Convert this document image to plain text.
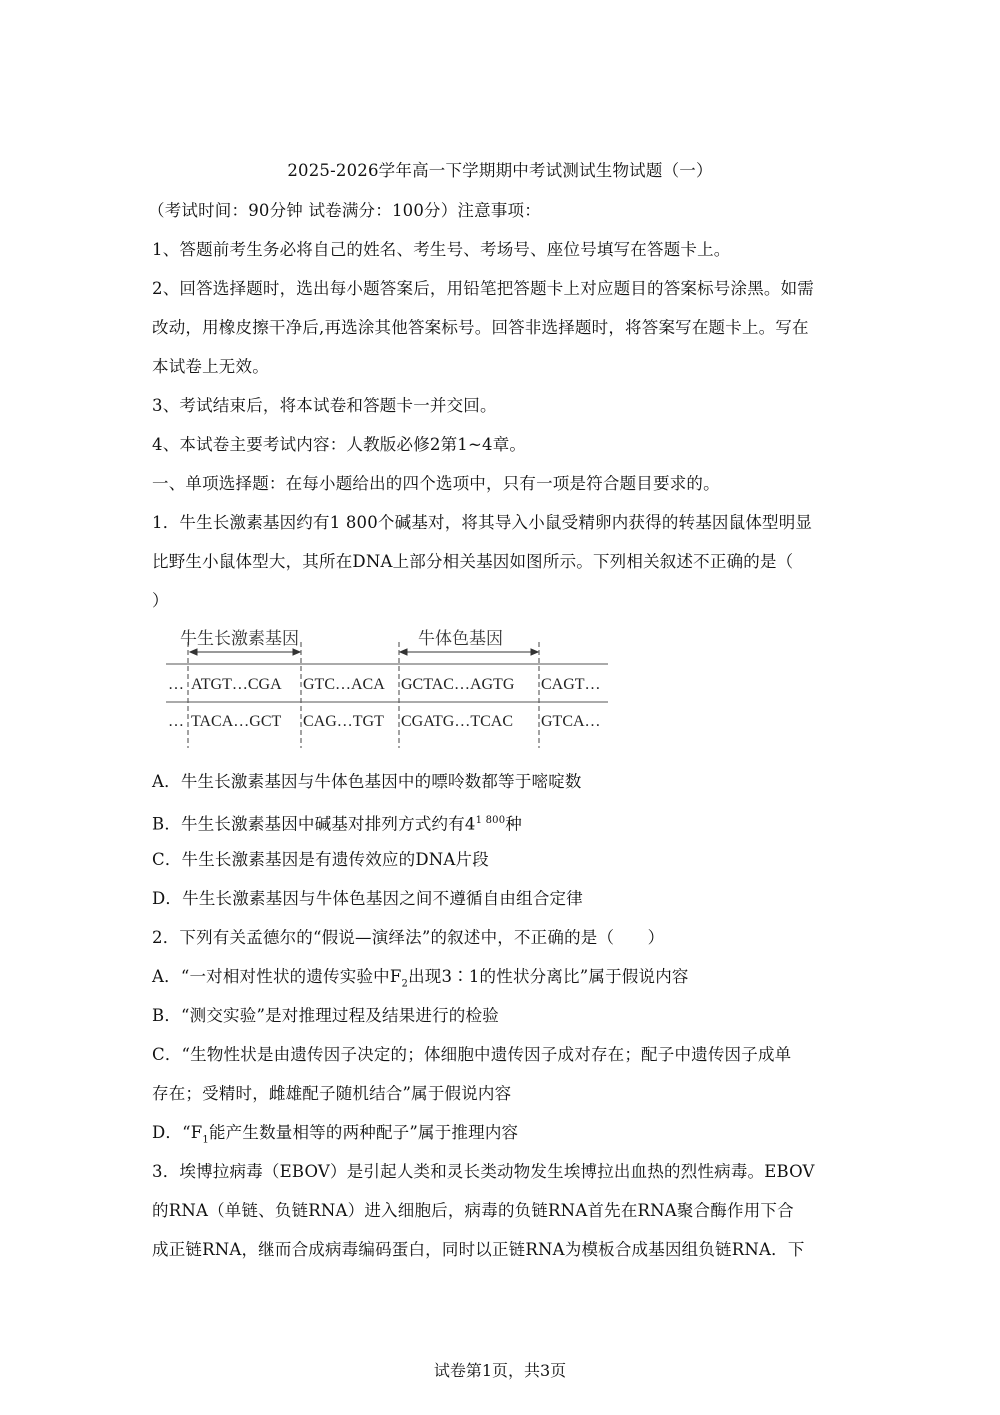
2025-2026学年高一下学期期中考试测试生物试题（一）
（考试时间：90分钟 试卷满分：100分）注意事项：
1、答题前考生务必将自己的姓名、考生号、考场号、座位号填写在答题卡上。
2、回答选择题时，选出每小题答案后，用铅笔把答题卡上对应题目的答案标号涂黑。如需
改动，用橡皮擦干净后,再选涂其他答案标号。回答非选择题时，将答案写在题卡上。写在
本试卷上无效。
3、考试结束后，将本试卷和答题卡一并交回。
4、本试卷主要考试内容：人教版必修2第1~4章。
一、单项选择题：在每小题给出的四个选项中，只有一项是符合题目要求的。
1．牛生长激素基因约有1 800个碱基对，将其导入小鼠受精卵内获得的转基因鼠体型明显
比野生小鼠体型大，其所在DNA上部分相关基因如图所示。下列相关叙述不正确的是（
）
牛生长激素基因	牛体色基因
… ATGT…CGA GTC…ACA GCTAC…AGTG CAGT…
… TACA…GCT CAG…TGT CGATG…TCAC GTCA…
A．牛生长激素基因与牛体色基因中的嘌呤数都等于嘧啶数
B．牛生长激素基因中碱基对排列方式约有$4^{1 800}$种
C．牛生长激素基因是有遗传效应的DNA片段
D．牛生长激素基因与牛体色基因之间不遵循自由组合定律
2．下列有关孟德尔的“假说—演绎法”的叙述中，不正确的是（　　）
A．“一对相对性状的遗传实验中$F_2$出现3∶1的性状分离比”属于假说内容
B．“测交实验”是对推理过程及结果进行的检验
C．“生物性状是由遗传因子决定的；体细胞中遗传因子成对存在；配子中遗传因子成单
存在；受精时，雌雄配子随机结合”属于假说内容
D．“$F_1$能产生数量相等的两种配子”属于推理内容
3．埃博拉病毒（EBOV）是引起人类和灵长类动物发生埃博拉出血热的烈性病毒。EBOV
的RNA（单链、负链RNA）进入细胞后，病毒的负链RNA首先在RNA聚合酶作用下合
成正链RNA，继而合成病毒编码蛋白，同时以正链RNA为模板合成基因组负链RNA．下
试卷第1页，共3页
